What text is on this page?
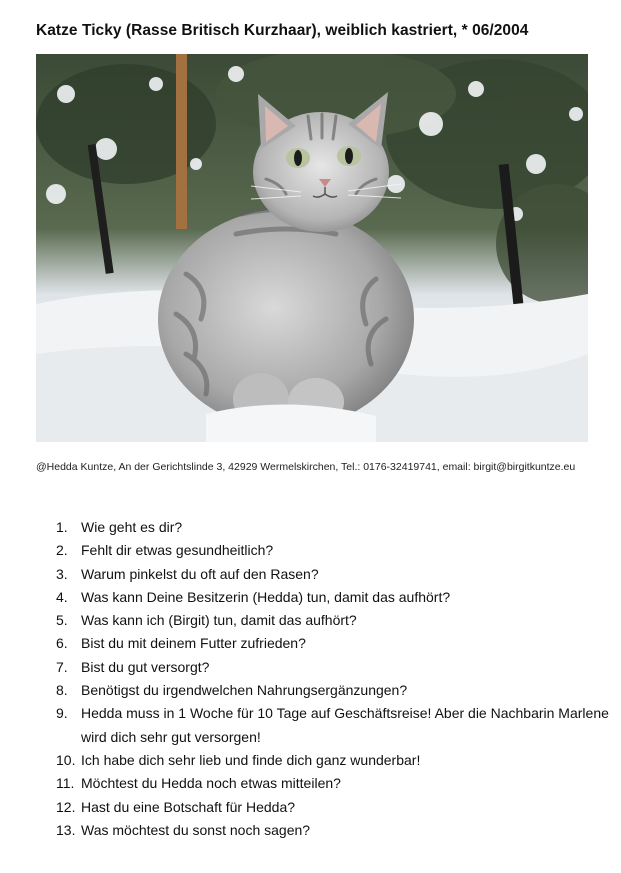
Katze Ticky (Rasse Britisch Kurzhaar), weiblich kastriert, * 06/2004
@Hedda Kuntze, An der Gerichtslinde 3, 42929 Wermelskirchen, Tel.: 0176-32419741, email: birgit@birgitkuntze.eu
1. Wie geht es dir?
2. Fehlt dir etwas gesundheitlich?
3. Warum pinkelst du oft auf den Rasen?
4. Was kann Deine Besitzerin (Hedda) tun, damit das aufhört?
5. Was kann ich (Birgit) tun, damit das aufhört?
6. Bist du mit deinem Futter zufrieden?
7. Bist du gut versorgt?
8. Benötigst du irgendwelchen Nahrungsergänzungen?
9. Hedda muss in 1 Woche für 10 Tage auf Geschäftsreise! Aber die Nachbarin Marlene wird dich sehr gut versorgen!
10. Ich habe dich sehr lieb und finde dich ganz wunderbar!
11. Möchtest du Hedda noch etwas mitteilen?
12. Hast du eine Botschaft für Hedda?
13. Was möchtest du sonst noch sagen?
